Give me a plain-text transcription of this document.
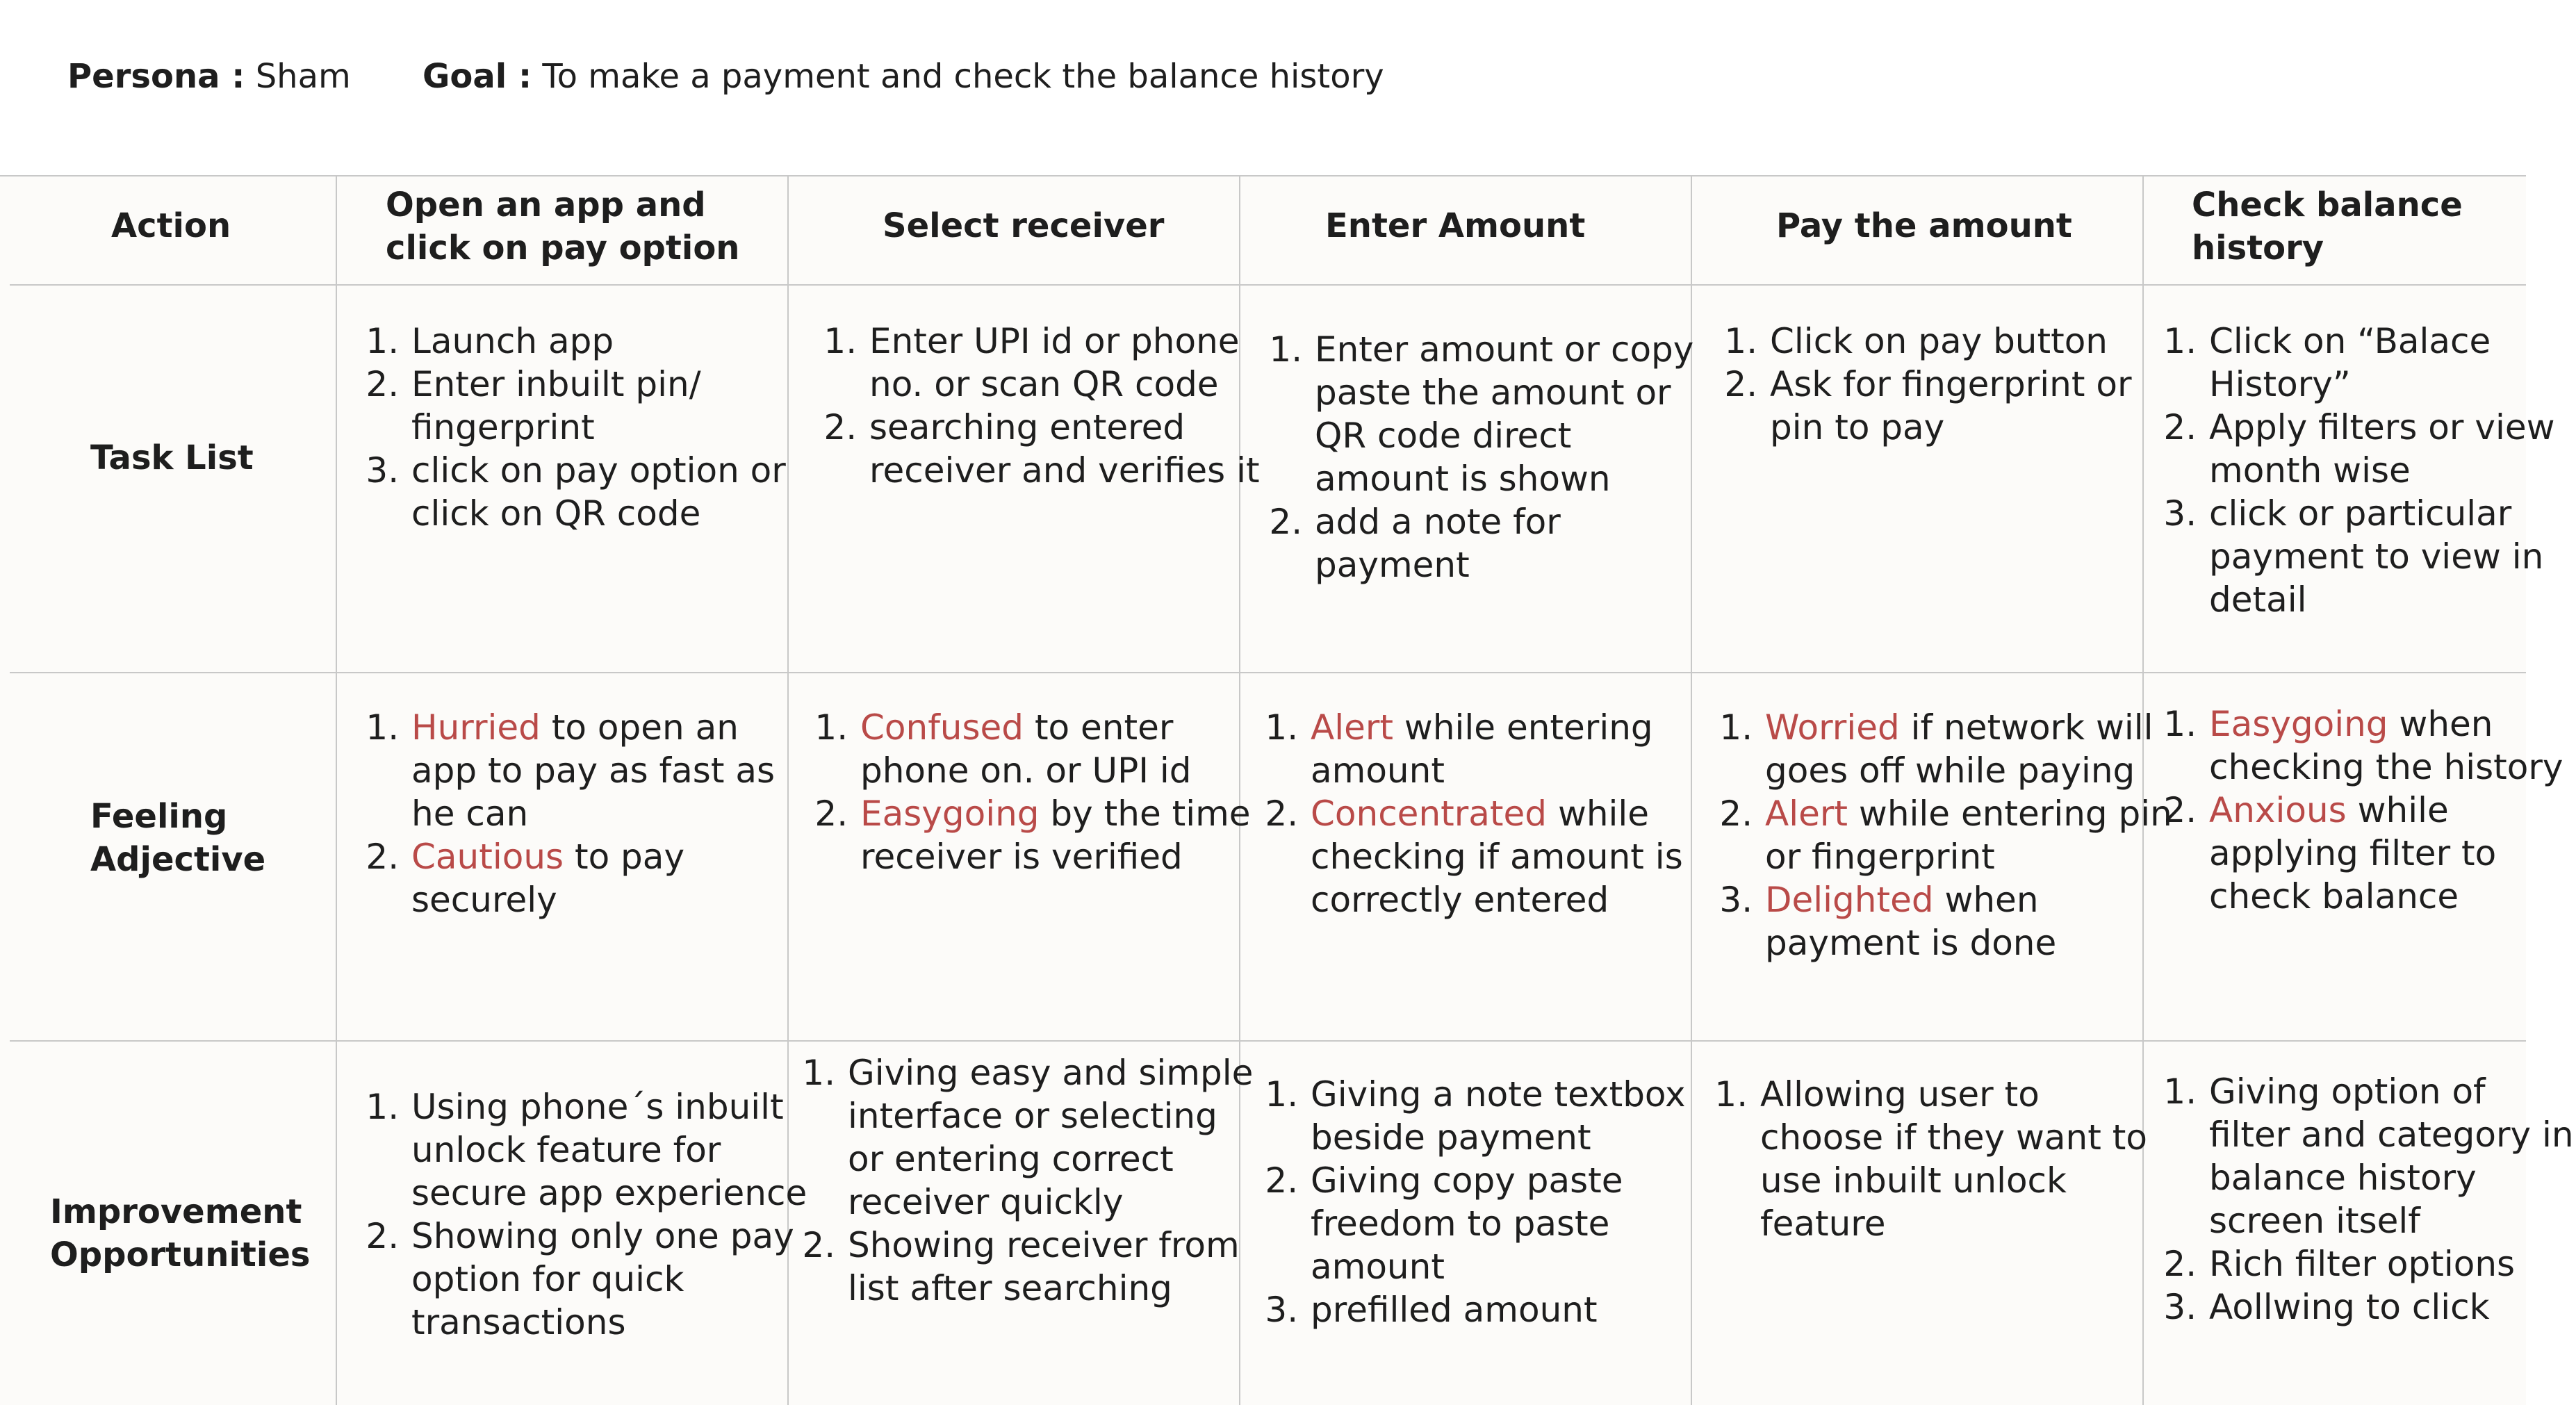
Persona : Sham Goal : To make a payment and check the balance history
Action
Open an app and click on pay option
Select receiver	Enter Amount	Pay the amount
Check balance history
Task List
Feeling Adjective
Improvement Opportunities
1. Launch app
2. Enter inbuilt pin/ fingerprint
3. click on pay option or click on QR code
1. Enter UPI id or phone no. or scan QR code
2. searching entered receiver and verifies it
1. Enter amount or copy paste the amount or QR code direct amount is shown
2. add a note for payment
1. Click on pay button
2. Ask for fingerprint or pin to pay
1. Click on “Balace History”
2. Apply filters or view month wise
3. click or particular payment to view in detail
1. Hurried to open an app to pay as fast as he can
2. Cautious to pay securely
1. Confused to enter phone on. or UPI id
2. Easygoing by the time receiver is verified
1. Alert while entering amount
2. Concentrated while checking if amount is correctly entered
1. Worried if network will goes off while paying
2. Alert while entering pin or fingerprint
3. Delighted when payment is done
1. Easygoing when checking the history
2. Anxious while applying filter to check balance
1. Using phone´s inbuilt unlock feature for secure app experience
2. Showing only one pay option for quick transactions
1. Giving easy and simple interface or selecting or entering correct receiver quickly
2. Showing receiver from list after searching
1. Giving a note textbox beside payment
2. Giving copy paste freedom to paste amount
3. prefilled amount
1. Allowing user to choose if they want to use inbuilt unlock feature
1. Giving option of filter and category in balance history screen itself
2. Rich filter options
3. Aollwing to click
